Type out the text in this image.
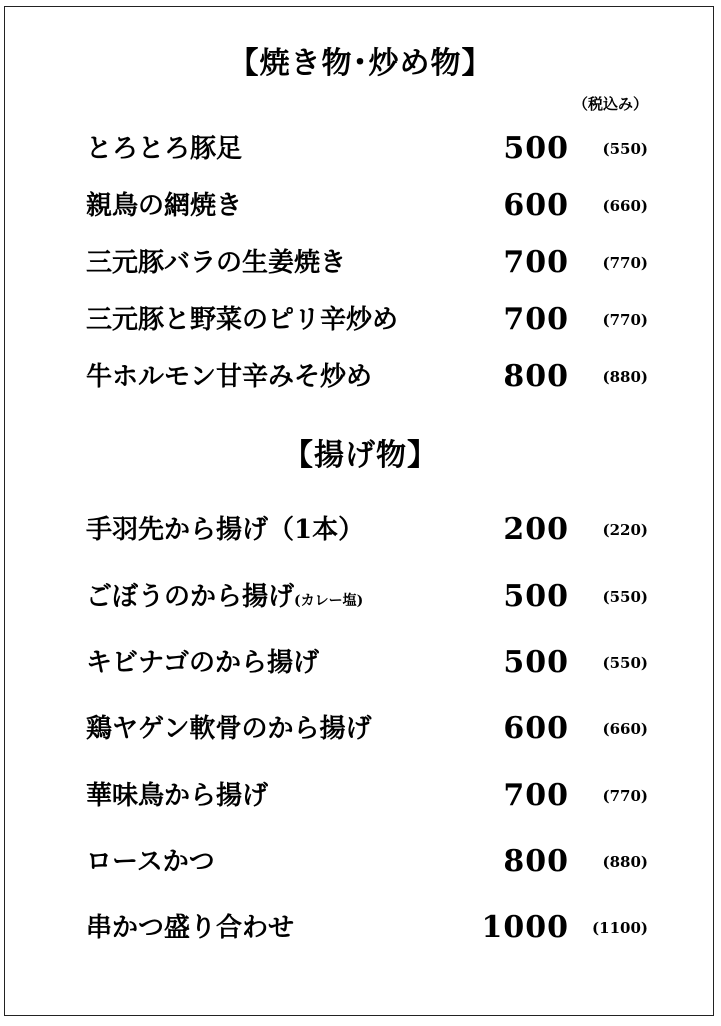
【焼き物･炒め物】
（税込み）
とろとろ豚足	500 (550)
親鳥の網焼き	600 (660)
三元豚バラの生姜焼き	700 (770)
三元豚と野菜のピリ辛炒め	700 (770)
牛ホルモン甘辛みそ炒め	800 (880)
【揚げ物】
手羽先から揚げ（1本）	200 (220)
ごぼうのから揚げ(カレー塩)	500 (550)
キビナゴのから揚げ	500 (550)
鶏ヤゲン軟骨のから揚げ	600 (660)
華味鳥から揚げ	700 (770)
ロースかつ	800 (880)
串かつ盛り合わせ	1000 (1100)
